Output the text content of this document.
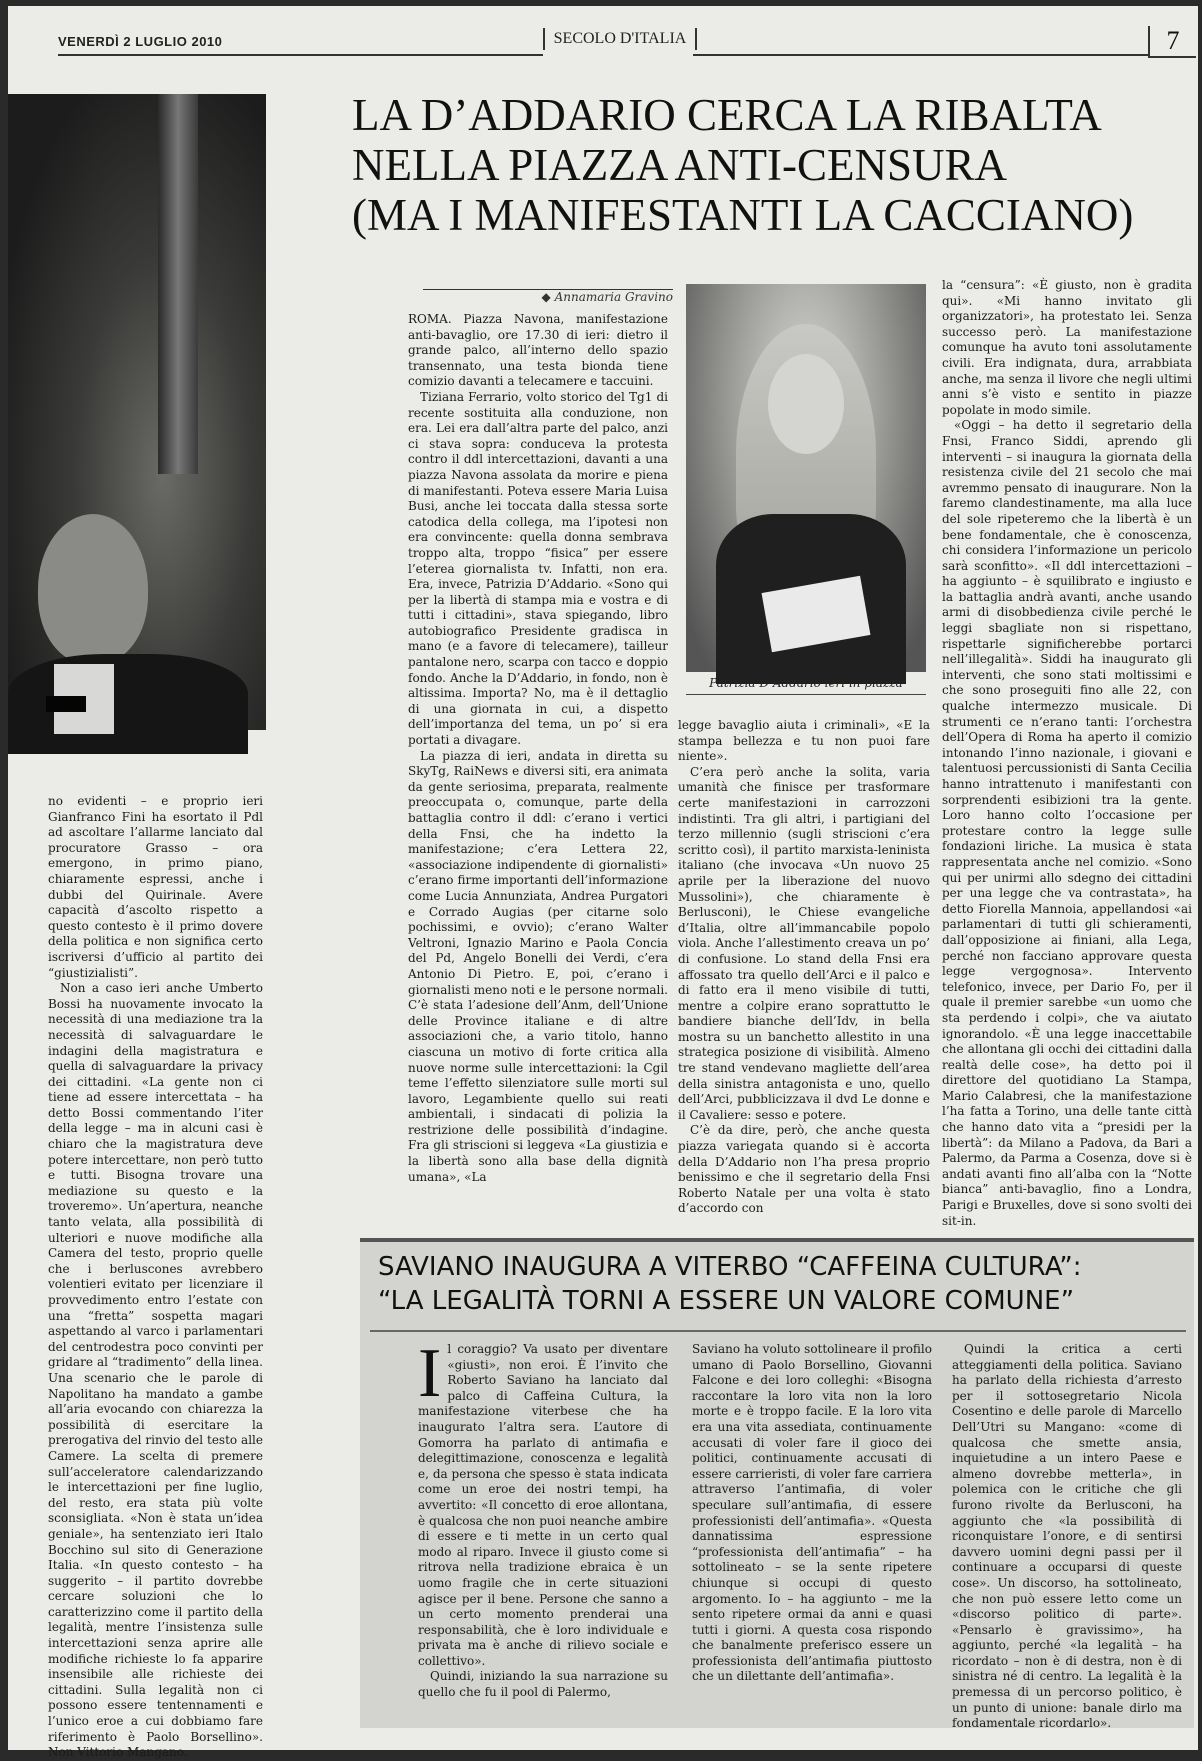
VENERDÌ 2 LUGLIO 2010	SECOLO D'ITALIA	7
LA D’ADDARIO CERCA LA RIBALTA
NELLA PIAZZA ANTI-CENSURA
(MA I MANIFESTANTI LA CACCIANO)

no evidenti – e proprio ieri Gianfranco Fini ha esortato il Pdl ad ascoltare l’allarme lanciato dal procuratore Grasso – ora emergono, in primo piano, chiaramente espressi, anche i dubbi del Quirinale. Avere capacità d’ascolto rispetto a questo contesto è il primo dovere della politica e non significa certo iscriversi d’ufficio al partito dei “giustizialisti”.

Non a caso ieri anche Umberto Bossi ha nuovamente invocato la necessità di una mediazione tra la necessità di salvaguardare le indagini della magistratura e quella di salvaguardare la privacy dei cittadini. «La gente non ci tiene ad essere intercettata – ha detto Bossi commentando l’iter della legge – ma in alcuni casi è chiaro che la magistratura deve potere intercettare, non però tutto e tutti. Bisogna trovare una mediazione su questo e la troveremo». Un’apertura, neanche tanto velata, alla possibilità di ulteriori e nuove modifiche alla Camera del testo, proprio quelle che i berluscones avrebbero volentieri evitato per licenziare il provvedimento entro l’estate con una “fretta” sospetta magari aspettando al varco i parlamentari del centrodestra poco convinti per gridare al “tradimento” della linea. Una scenario che le parole di Napolitano ha mandato a gambe all’aria evocando con chiarezza la possibilità di esercitare la prerogativa del rinvio del testo alle Camere. La scelta di premere sull’acceleratore calendarizzando le intercettazioni per fine luglio, del resto, era stata più volte sconsigliata. «Non è stata un’idea geniale», ha sentenziato ieri Italo Bocchino sul sito di Generazione Italia. «In questo contesto – ha suggerito – il partito dovrebbe cercare soluzioni che lo caratterizzino come il partito della legalità, mentre l’insistenza sulle intercettazioni senza aprire alle modifiche richieste lo fa apparire insensibile alle richieste dei cittadini. Sulla legalità non ci possono essere tentennamenti e l’unico eroe a cui dobbiamo fare riferimento è Paolo Borsellino». Non Vittorio Mangano.

◆ Annamaria Gravino

ROMA. Piazza Navona, manifestazione anti-bavaglio, ore 17.30 di ieri: dietro il grande palco, all’interno dello spazio transennato, una testa bionda tiene comizio davanti a telecamere e taccuini.

Tiziana Ferrario, volto storico del Tg1 di recente sostituita alla conduzione, non era. Lei era dall’altra parte del palco, anzi ci stava sopra: conduceva la protesta contro il ddl intercettazioni, davanti a una piazza Navona assolata da morire e piena di manifestanti. Poteva essere Maria Luisa Busi, anche lei toccata dalla stessa sorte catodica della collega, ma l’ipotesi non era convincente: quella donna sembrava troppo alta, troppo “fisica” per essere l’eterea giornalista tv. Infatti, non era. Era, invece, Patrizia D’Addario. «Sono qui per la libertà di stampa mia e vostra e di tutti i cittadini», stava spiegando, libro autobiografico Presidente gradisca in mano (e a favore di telecamere), tailleur pantalone nero, scarpa con tacco e doppio fondo. Anche la D’Addario, in fondo, non è altissima. Importa? No, ma è il dettaglio di una giornata in cui, a dispetto dell’importanza del tema, un po’ si era portati a divagare.

La piazza di ieri, andata in diretta su SkyTg, RaiNews e diversi siti, era animata da gente seriosima, preparata, realmente preoccupata o, comunque, parte della battaglia contro il ddl: c’erano i vertici della Fnsi, che ha indetto la manifestazione; c’era Lettera 22, «associazione indipendente di giornalisti» c’erano firme importanti dell’informazione come Lucia Annunziata, Andrea Purgatori e Corrado Augias (per citarne solo pochissimi, e ovvio); c’erano Walter Veltroni, Ignazio Marino e Paola Concia del Pd, Angelo Bonelli dei Verdi, c’era Antonio Di Pietro. E, poi, c’erano i giornalisti meno noti e le persone normali. C’è stata l’adesione dell’Anm, dell’Unione delle Province italiane e di altre associazioni che, a vario titolo, hanno ciascuna un motivo di forte critica alla nuove norme sulle intercettazioni: la Cgil teme l’effetto silenziatore sulle morti sul lavoro, Legambiente quello sui reati ambientali, i sindacati di polizia la restrizione delle possibilità d’indagine. Fra gli striscioni si leggeva «La giustizia e la libertà sono alla base della dignità umana», «La

Patrizia D’Addario ieri in piazza

legge bavaglio aiuta i criminali», «E la stampa bellezza e tu non puoi fare niente».

C’era però anche la solita, varia umanità che finisce per trasformare certe manifestazioni in carrozzoni indistinti. Tra gli altri, i partigiani del terzo millennio (sugli striscioni c’era scritto così), il partito marxista-leninista italiano (che invocava «Un nuovo 25 aprile per la liberazione del nuovo Mussolini»), che chiaramente è Berlusconi), le Chiese evangeliche d’Italia, oltre all’immancabile popolo viola. Anche l’allestimento creava un po’ di confusione. Lo stand della Fnsi era affossato tra quello dell’Arci e il palco e di fatto era il meno visibile di tutti, mentre a colpire erano soprattutto le bandiere bianche dell’Idv, in bella mostra su un banchetto allestito in una strategica posizione di visibilità. Almeno tre stand vendevano magliette dell’area della sinistra antagonista e uno, quello dell’Arci, pubblicizzava il dvd Le donne e il Cavaliere: sesso e potere.

C’è da dire, però, che anche questa piazza variegata quando si è accorta della D’Addario non l’ha presa proprio benissimo e che il segretario della Fnsi Roberto Natale per una volta è stato d’accordo con

la “censura”: «È giusto, non è gradita qui». «Mi hanno invitato gli organizzatori», ha protestato lei. Senza successo però. La manifestazione comunque ha avuto toni assolutamente civili. Era indignata, dura, arrabbiata anche, ma senza il livore che negli ultimi anni s’è visto e sentito in piazze popolate in modo simile.

«Oggi – ha detto il segretario della Fnsi, Franco Siddi, aprendo gli interventi – si inaugura la giornata della resistenza civile del 21 secolo che mai avremmo pensato di inaugurare. Non la faremo clandestinamente, ma alla luce del sole ripeteremo che la libertà è un bene fondamentale, che è conoscenza, chi considera l’informazione un pericolo sarà sconfitto». «Il ddl intercettazioni – ha aggiunto – è squilibrato e ingiusto e la battaglia andrà avanti, anche usando armi di disobbedienza civile perché le leggi sbagliate non si rispettano, rispettarle significherebbe portarci nell’illegalità». Siddi ha inaugurato gli interventi, che sono stati moltissimi e che sono proseguiti fino alle 22, con qualche intermezzo musicale. Di strumenti ce n’erano tanti: l’orchestra dell’Opera di Roma ha aperto il comizio intonando l’inno nazionale, i giovani e talentuosi percussionisti di Santa Cecilia hanno intrattenuto i manifestanti con sorprendenti esibizioni tra la gente. Loro hanno colto l’occasione per protestare contro la legge sulle fondazioni liriche. La musica è stata rappresentata anche nel comizio. «Sono qui per unirmi allo sdegno dei cittadini per una legge che va contrastata», ha detto Fiorella Mannoia, appellandosi «ai parlamentari di tutti gli schieramenti, dall’opposizione ai finiani, alla Lega, perché non facciano approvare questa legge vergognosa». Intervento telefonico, invece, per Dario Fo, per il quale il premier sarebbe «un uomo che sta perdendo i colpi», che va aiutato ignorandolo. «È una legge inaccettabile che allontana gli occhi dei cittadini dalla realtà delle cose», ha detto poi il direttore del quotidiano La Stampa, Mario Calabresi, che la manifestazione l’ha fatta a Torino, una delle tante città che hanno dato vita a “presidi per la libertà”: da Milano a Padova, da Bari a Palermo, da Parma a Cosenza, dove si è andati avanti fino all’alba con la “Notte bianca” anti-bavaglio, fino a Londra, Parigi e Bruxelles, dove si sono svolti dei sit-in.

SAVIANO INAUGURA A VITERBO “CAFFEINA CULTURA”:
“LA LEGALITÀ TORNI A ESSERE UN VALORE COMUNE”

Il coraggio? Va usato per diventare «giusti», non eroi. È l’invito che Roberto Saviano ha lanciato dal palco di Caffeina Cultura, la manifestazione viterbese che ha inaugurato l’altra sera. L’autore di Gomorra ha parlato di antimafia e delegittimazione, conoscenza e legalità e, da persona che spesso è stata indicata come un eroe dei nostri tempi, ha avvertito: «Il concetto di eroe allontana, è qualcosa che non puoi neanche ambire di essere e ti mette in un certo qual modo al riparo. Invece il giusto come si ritrova nella tradizione ebraica è un uomo fragile che in certe situazioni agisce per il bene. Persone che sanno a un certo momento prenderai una responsabilità, che è loro individuale e privata ma è anche di rilievo sociale e collettivo».

Quindi, iniziando la sua narrazione su quello che fu il pool di Palermo,

Saviano ha voluto sottolineare il profilo umano di Paolo Borsellino, Giovanni Falcone e dei loro colleghi: «Bisogna raccontare la loro vita non la loro morte e è troppo facile. E la loro vita era una vita assediata, continuamente accusati di voler fare il gioco dei politici, continuamente accusati di essere carrieristi, di voler fare carriera attraverso l’antimafia, di voler speculare sull’antimafia, di essere professionisti dell’antimafia». «Questa dannatissima espressione “professionista dell’antimafia” – ha sottolineato – se la sente ripetere chiunque si occupi di questo argomento. Io – ha aggiunto – me la sento ripetere ormai da anni e quasi tutti i giorni. A questa cosa rispondo che banalmente preferisco essere un professionista dell’antimafia piuttosto che un dilettante dell’antimafia».

Quindi la critica a certi atteggiamenti della politica. Saviano ha parlato della richiesta d’arresto per il sottosegretario Nicola Cosentino e delle parole di Marcello Dell’Utri su Mangano: «come di qualcosa che smette ansia, inquietudine a un intero Paese e almeno dovrebbe metterla», in polemica con le critiche che gli furono rivolte da Berlusconi, ha aggiunto che «la possibilità di riconquistare l’onore, e di sentirsi davvero uomini degni passi per il continuare a occuparsi di queste cose». Un discorso, ha sottolineato, che non può essere letto come un «discorso politico di parte». «Pensarlo è gravissimo», ha aggiunto, perché «la legalità – ha ricordato – non è di destra, non è di sinistra né di centro. La legalità è la premessa di un percorso politico, è un punto di unione: banale dirlo ma fondamentale ricordarlo».
